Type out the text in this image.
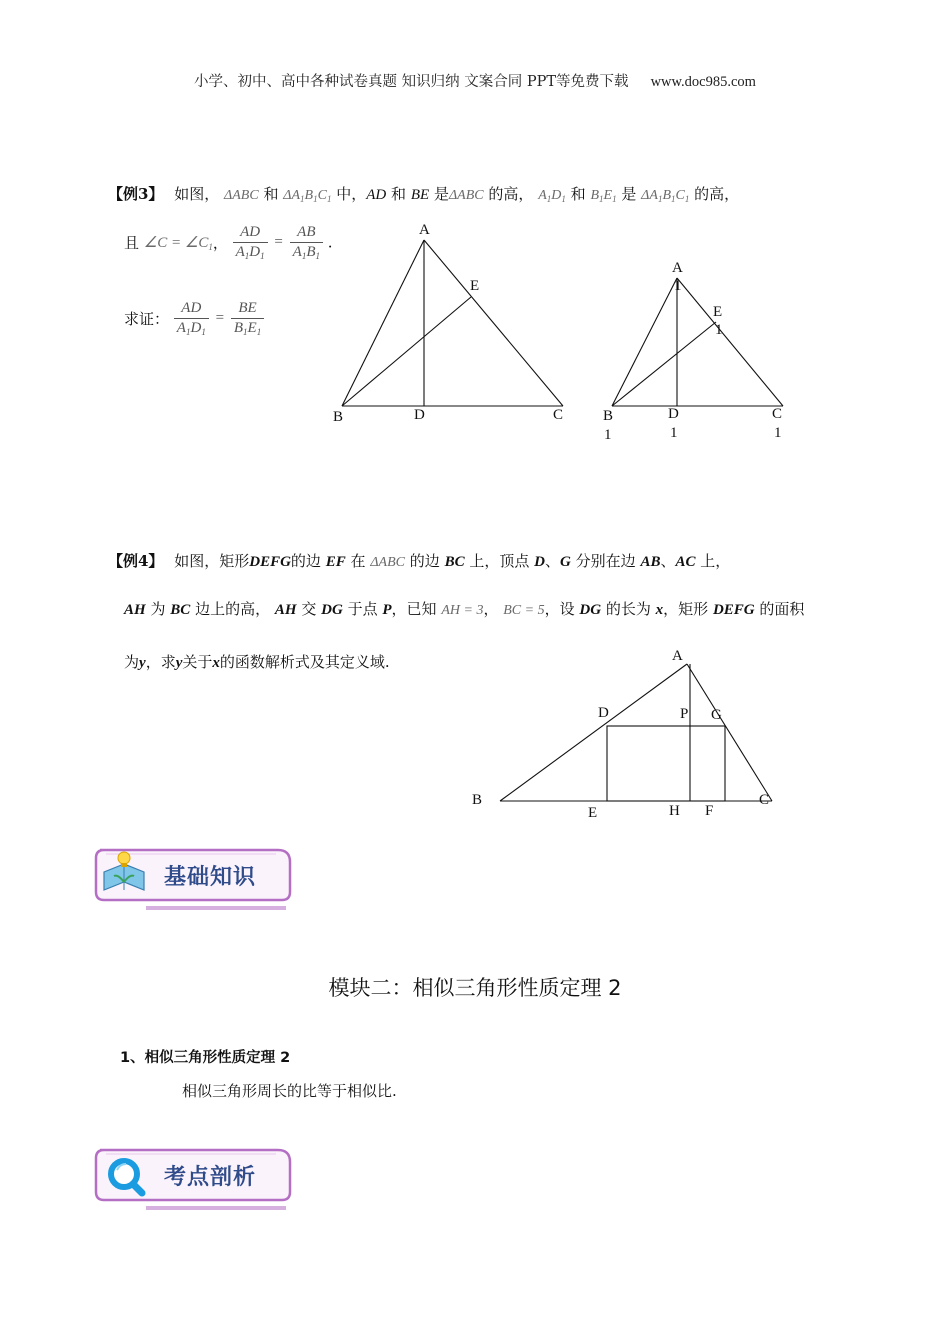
小学、初中、高中各种试卷真题 知识归纳 文案合同 PPT等免费下载 www.doc985.com
【例3】 如图， ΔABC 和 $\Delta A_1B_1C_1$ 中，AD 和 BE 是ΔABC 的高， $A_1D_1$ 和 $B_1E_1$ 是 $\Delta A_1B_1C_1$ 的高，
且 ∠C = $\angle C_1$， $\frac{AD}{A_1D_1} = \frac{AB}{A_1B_1}$ .
求证： $\frac{AD}{A_1D_1} = \frac{BE}{B_1E_1}$
A
B	C
D
E
A
1
B
1
C
1
D
1
E
1
【例4】 如图，矩形DEFG的边 EF 在 ΔABC 的边 BC 上，顶点 D、G 分别在边 AB、AC 上，
AH 为 BC 边上的高， AH 交 DG 于点 P，已知 AH = 3， BC = 5，设 DG 的长为 x，矩形 DEFG 的面积
为y，求y关于x的函数解析式及其定义域.	A
B	C
D
E	F
G
H
P
基础知识
模块二：相似三角形性质定理 2
1、相似三角形性质定理 2
相似三角形周长的比等于相似比.
考点剖析
